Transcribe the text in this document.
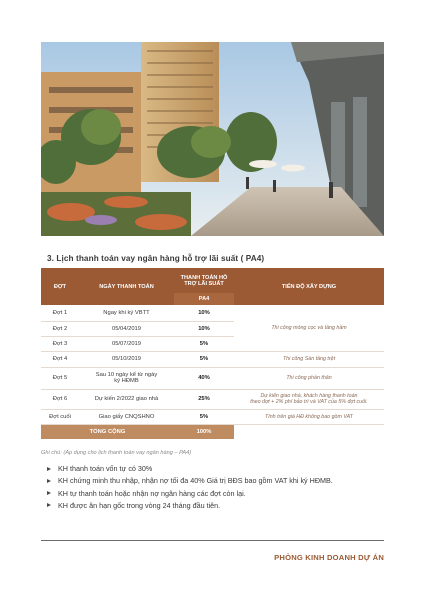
3. Lịch thanh toán vay ngân hàng hỗ trợ lãi suất ( PA4)
ĐỢT	NGÀY THANH TOÁN	THANH TOÁN HỖ
TRỢ LÃI SUẤT	TIẾN ĐỘ XÂY DỰNG
		PA4	
Đợt 1	Ngay khi ký VBTT	10%	Thi công móng cọc và tầng hầm
Đợt 2	05/04/2019	10%	
Đợt 3	05/07/2019	5%	
Đợt 4	05/10/2019	5%	Thi công Sàn tầng trệt
Đợt 5	Sau 10 ngày kể từ ngày
ký HĐMB	40%	Thi công phần thân
Đợt 6	Dự kiến 2/2022 giao nhà	25%	Dự kiến giao nhà, khách hàng thanh toán
theo đợt + 2% phí bảo trì và VAT của 5% đợt cuối.

Đợt cuối	Giao giấy CNQSHNO	5%	Tính trên giá HĐ không bao gồm VAT
TỔNG CỘNG		100%	
Ghi chú: (Áp dụng cho lịch thanh toán vay ngân hàng – PA4)
KH thanh toán vốn tự có 30%
KH chứng minh thu nhập, nhận nợ tối đa 40% Giá trị BĐS bao gồm VAT khi ký HĐMB.
KH tự thanh toán hoặc nhận nợ ngân hàng các đợt còn lại.
KH được ân hạn gốc trong vòng 24 tháng đầu tiên.
PHÒNG KINH DOANH DỰ ÁN
